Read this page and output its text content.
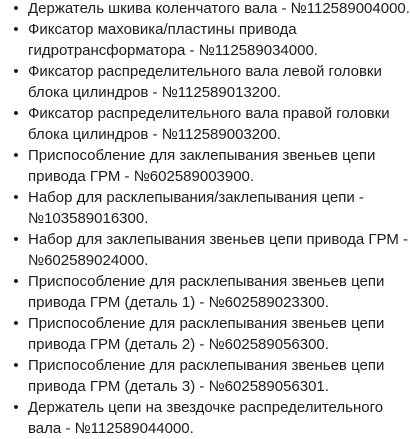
• Держатель шкива коленчатого вала - №112589004000.
• Фиксатор маховика/пластины привода
гидротрансформатора - №112589034000.
• Фиксатор распределительного вала левой головки
блока цилиндров - №112589013200.
• Фиксатор распределительного вала правой головки
блока цилиндров - №112589003200.
• Приспособление для заклепывания звеньев цепи
привода ГРМ - №602589003900.
• Набор для расклепывания/заклепывания цепи -
№103589016300.
• Набор для заклепывания звеньев цепи привода ГРМ -
№602589024000.
• Приспособление для расклепывания звеньев цепи
привода ГРМ (деталь 1) - №602589023300.
• Приспособление для расклепывания звеньев цепи
привода ГРМ (деталь 2) - №602589056300.
• Приспособление для расклепывания звеньев цепи
привода ГРМ (деталь 3) - №602589056301.
• Держатель цепи на звездочке распределительного
вала - №112589044000.
